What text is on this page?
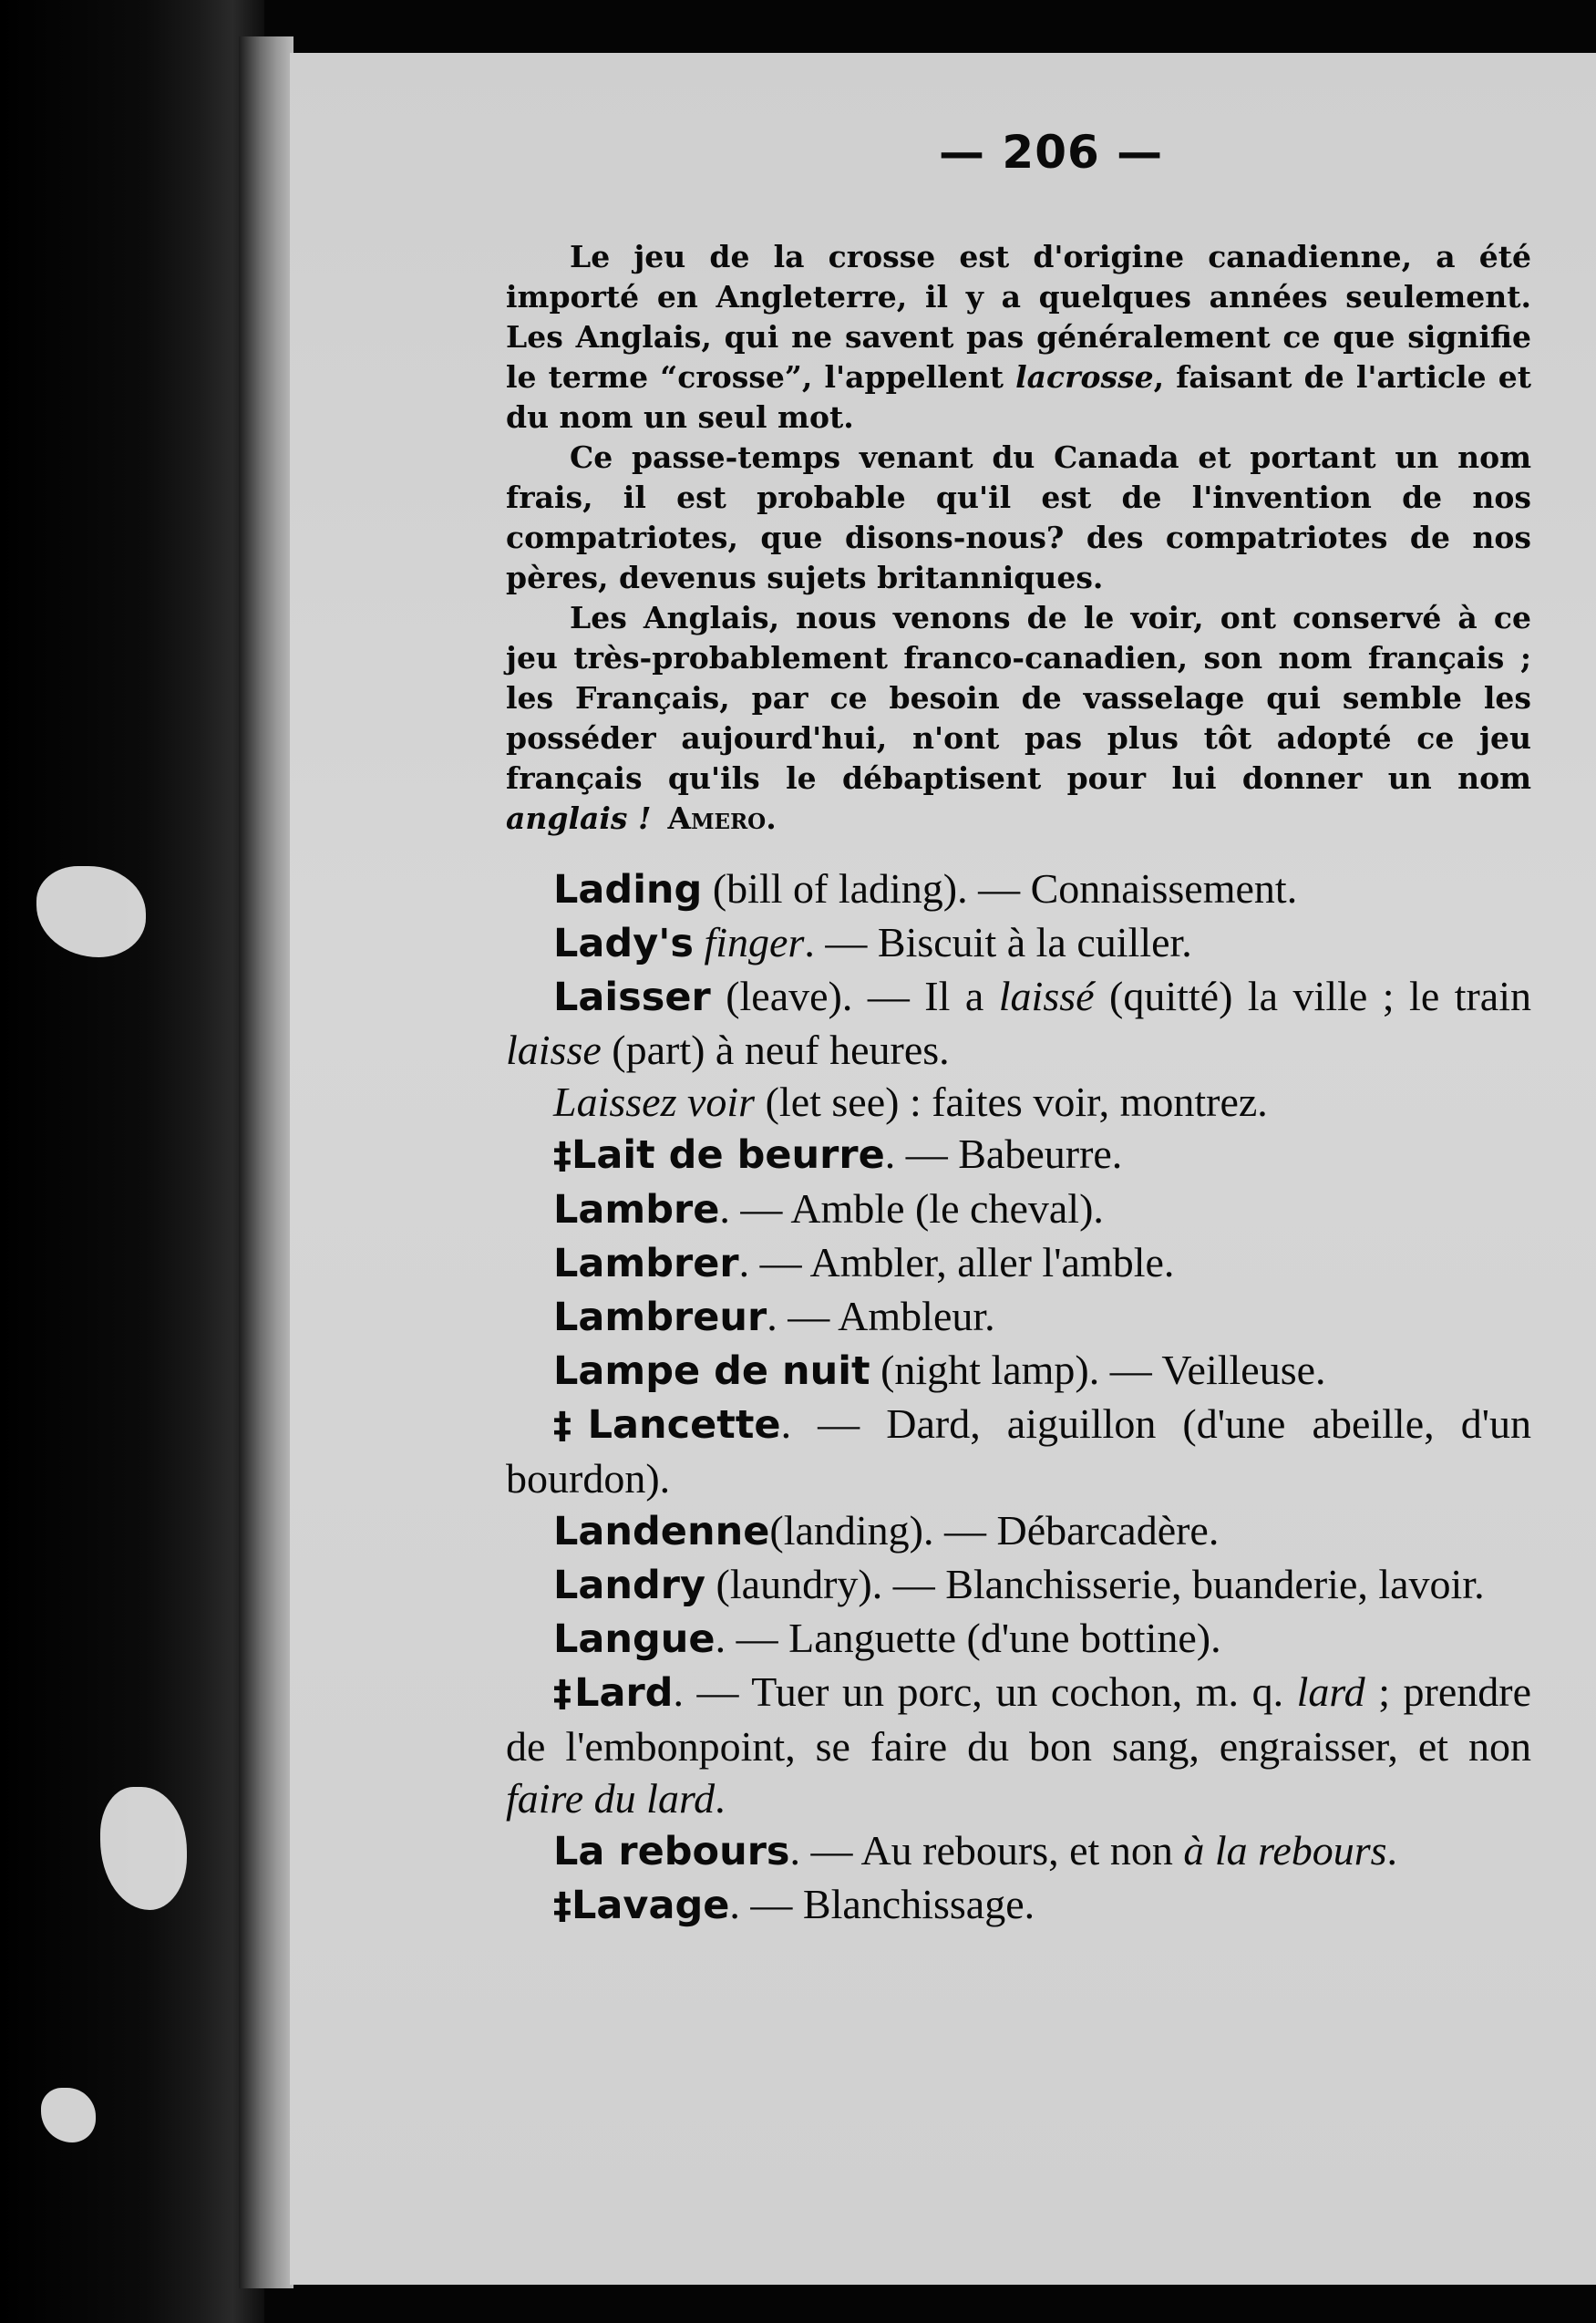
— 206 —

Le jeu de la crosse est d'origine canadienne, a été importé en Angleterre, il y a quelques années seulement. Les Anglais, qui ne savent pas généralement ce que signifie le terme “crosse”, l'appellent lacrosse, faisant de l'article et du nom un seul mot.

Ce passe-temps venant du Canada et portant un nom frais, il est probable qu'il est de l'invention de nos compatriotes, que disons-nous? des compatriotes de nos pères, devenus sujets britanniques.

Les Anglais, nous venons de le voir, ont conservé à ce jeu très-probablement franco-canadien, son nom français ; les Français, par ce besoin de vasselage qui semble les posséder aujourd'hui, n'ont pas plus tôt adopté ce jeu français qu'ils le débaptisent pour lui donner un nom anglais ! Amero.

Lading (bill of lading). — Connaissement.

Lady's finger. — Biscuit à la cuiller.

Laisser (leave). — Il a laissé (quitté) la ville ; le train laisse (part) à neuf heures.

Laissez voir (let see) : faites voir, montrez.

‡Lait de beurre. — Babeurre.

Lambre. — Amble (le cheval).

Lambrer. — Ambler, aller l'amble.

Lambreur. — Ambleur.

Lampe de nuit (night lamp). — Veilleuse.

‡Lancette. — Dard, aiguillon (d'une abeille, d'un bourdon).

Landenne(landing). — Débarcadère.

Landry (laundry). — Blanchisserie, buanderie, lavoir.

Langue. — Languette (d'une bottine).

‡Lard. — Tuer un porc, un cochon, m. q. lard ; prendre de l'embonpoint, se faire du bon sang, engraisser, et non faire du lard.

La rebours. — Au rebours, et non à la rebours.

‡Lavage. — Blanchissage.
